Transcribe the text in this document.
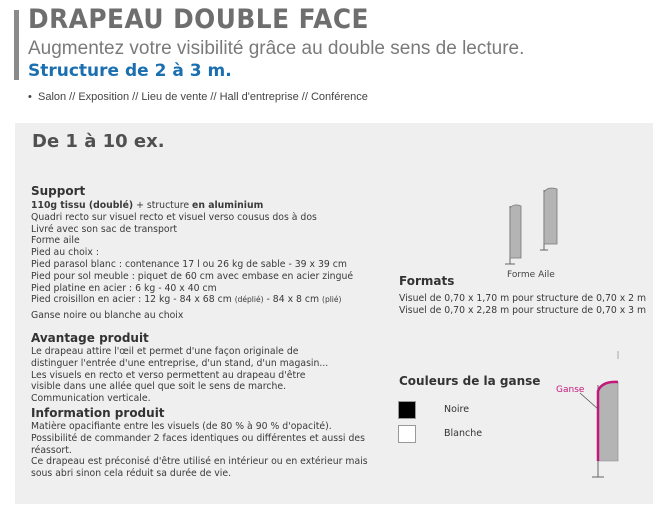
DRAPEAU DOUBLE FACE
Augmentez votre visibilité grâce au double sens de lecture.
Structure de 2 à 3 m.
• Salon // Exposition // Lieu de vente // Hall d'entreprise // Conférence
De 1 à 10 ex.
Support
110g tissu (doublé) + structure en aluminium
Quadri recto sur visuel recto et visuel verso cousus dos à dos
Livré avec son sac de transport
Forme aile
Pied au choix :
Pied parasol blanc : contenance 17 l ou 26 kg de sable - 39 x 39 cm
Pied pour sol meuble : piquet de 60 cm avec embase en acier zingué
Pied platine en acier : 6 kg - 40 x 40 cm
Pied croisillon en acier : 12 kg - 84 x 68 cm (déplié) - 84 x 8 cm (plié)
Ganse noire ou blanche au choix
Avantage produit
Le drapeau attire l'œil et permet d'une façon originale de
distinguer l'entrée d'une entreprise, d'un stand, d'un magasin...
Les visuels en recto et verso permettent au drapeau d'être
visible dans une allée quel que soit le sens de marche.
Communication verticale.
Information produit
Matière opacifiante entre les visuels (de 80 % à 90 % d'opacité).
Possibilité de commander 2 faces identiques ou différentes et aussi des
réassort.
Ce drapeau est préconisé d'être utilisé en intérieur ou en extérieur mais
sous abri sinon cela réduit sa durée de vie.
Forme Aile
Formats
Visuel de 0,70 x 1,70 m pour structure de 0,70 x 2 m
Visuel de 0,70 x 2,28 m pour structure de 0,70 x 3 m
Couleurs de la ganse
Noire
Blanche
Ganse
